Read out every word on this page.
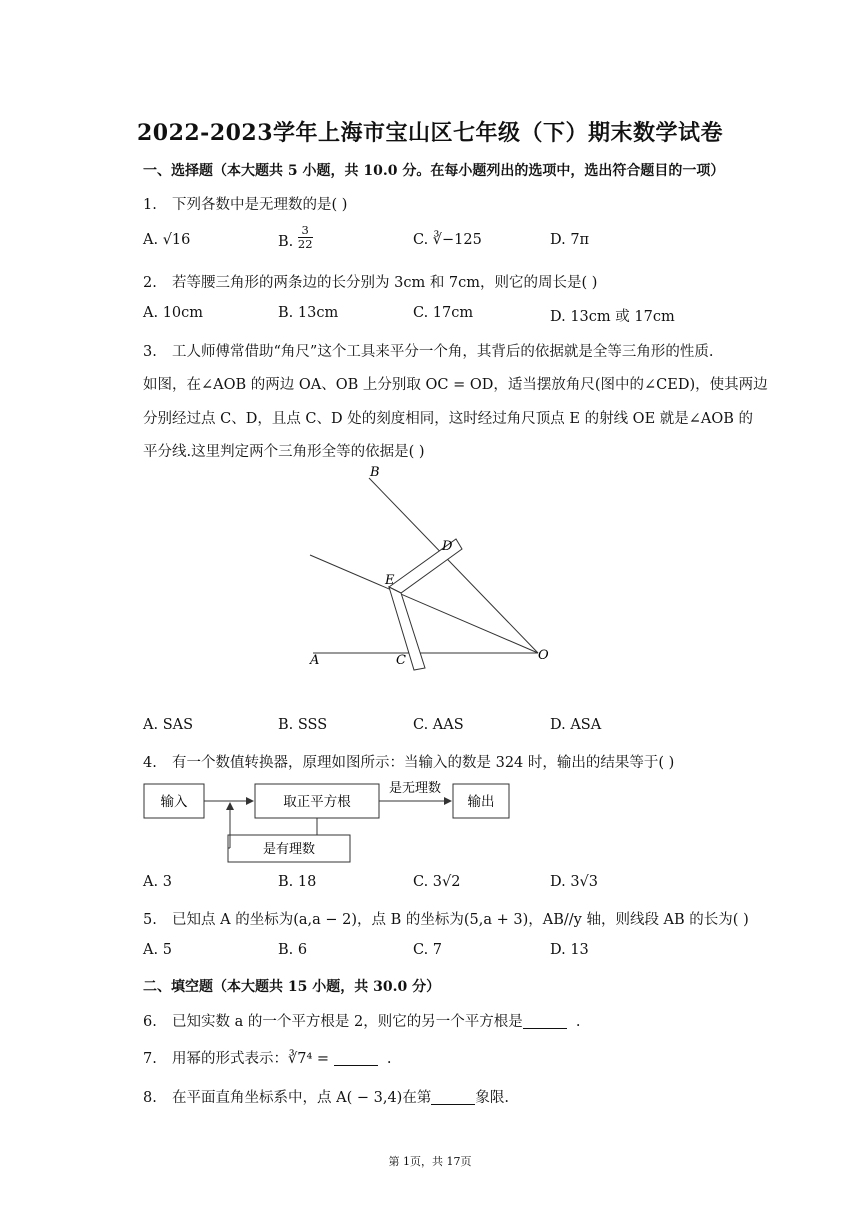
2022-2023学年上海市宝山区七年级（下）期末数学试卷
一、选择题（本大题共 5 小题，共 10.0 分。在每小题列出的选项中，选出符合题目的一项）
1. 下列各数中是无理数的是( )
A. √16	B. $\frac{3}{22}$	C. ∛−125	D. 7π
2. 若等腰三角形的两条边的长分别为 3cm 和 7cm，则它的周长是( )
A. 10cm	B. 13cm	C. 17cm	D. 13cm 或 17cm
3. 工人师傅常借助“角尺”这个工具来平分一个角，其背后的依据就是全等三角形的性质.
如图，在∠AOB 的两边 OA、OB 上分别取 OC = OD，适当摆放角尺(图中的∠CED)，使其两边
分别经过点 C、D，且点 C、D 处的刻度相同，这时经过角尺顶点 E 的射线 OE 就是∠AOB 的
平分线.这里判定两个三角形全等的依据是( )
B
D
E
A	C	O
A. SAS	B. SSS	C. AAS	D. ASA
4. 有一个数值转换器，原理如图所示：当输入的数是 324 时，输出的结果等于( )
输入	取正平方根
是无理数
输出
是有理数
A. 3	B. 18	C. 3√2	D. 3√3
5. 已知点 A 的坐标为(a,a − 2)，点 B 的坐标为(5,a + 3)，AB//y 轴，则线段 AB 的长为( )
A. 5	B. 6	C. 7	D. 13
二、填空题（本大题共 15 小题，共 30.0 分）
6. 已知实数 a 的一个平方根是 2，则它的另一个平方根是	.
7. 用幂的形式表示：∛7⁴ =	.
8. 在平面直角坐标系中，点 A( − 3,4)在第	象限.
第 1页，共 17页
